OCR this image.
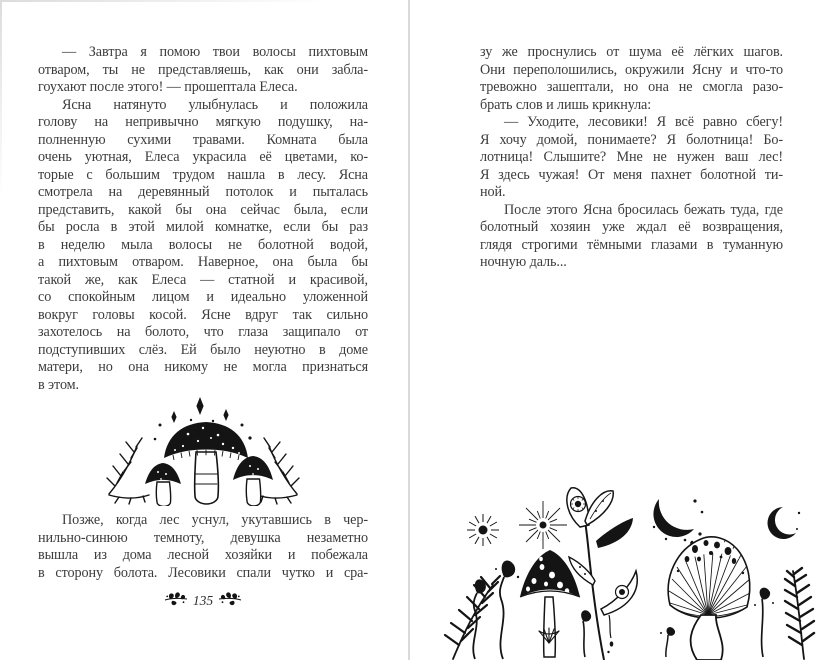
— Завтра я помою твои волосы пихтовым
отваром, ты не представляешь, как они забла-
гоухают после этого! — прошептала Елеса.
Ясна натянуто улыбнулась и положила
голову на непривычно мягкую подушку, на-
полненную сухими травами. Комната была
очень уютная, Елеса украсила её цветами, ко-
торые с большим трудом нашла в лесу. Ясна
смотрела на деревянный потолок и пыталась
представить, какой бы она сейчас была, если
бы росла в этой милой комнатке, если бы раз
в неделю мыла волосы не болотной водой,
а пихтовым отваром. Наверное, она была бы
такой же, как Елеса — статной и красивой,
со спокойным лицом и идеально уложенной
вокруг головы косой. Ясне вдруг так сильно
захотелось на болото, что глаза защипало от
подступивших слёз. Ей было неуютно в доме
матери, но она никому не могла признаться
в этом.
Позже, когда лес уснул, укутавшись в чер-
нильно-синюю темноту, девушка незаметно
вышла из дома лесной хозяйки и побежала
в сторону болота. Лесовики спали чутко и сра-
135
зу же проснулись от шума её лёгких шагов.
Они переполошились, окружили Ясну и что-то
тревожно зашептали, но она не смогла разо-
брать слов и лишь крикнула:
— Уходите, лесовики! Я всё равно сбегу!
Я хочу домой, понимаете? Я болотница! Бо-
лотница! Слышите? Мне не нужен ваш лес!
Я здесь чужая! От меня пахнет болотной ти-
ной.
После этого Ясна бросилась бежать туда, где
болотный хозяин уже ждал её возвращения,
глядя строгими тёмными глазами в туманную
ночную даль...
